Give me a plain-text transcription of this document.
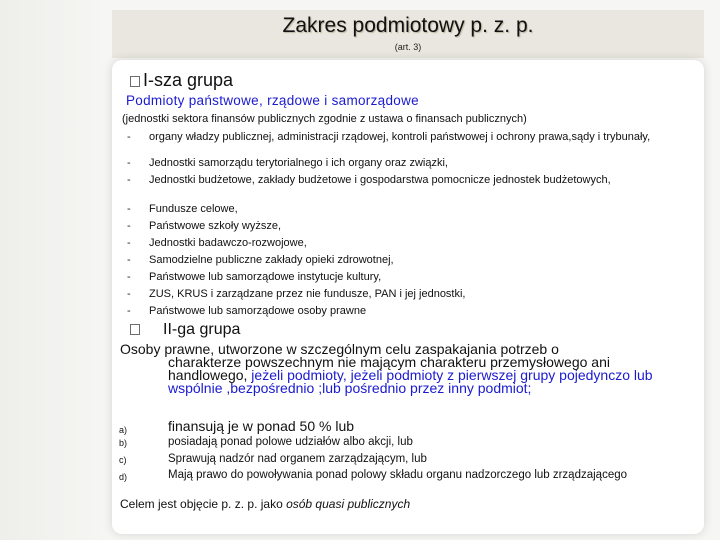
Zakres podmiotowy p. z. p.
(art. 3)
I-sza grupa
Podmioty państwowe, rządowe i samorządowe
(jednostki sektora finansów publicznych zgodnie z ustawa o finansach publicznych)
- organy władzy publicznej, administracji rządowej, kontroli państwowej i ochrony prawa,sądy i trybunały,
- Jednostki samorządu terytorialnego i ich organy oraz związki,
- Jednostki budżetowe, zakłady budżetowe i gospodarstwa pomocnicze jednostek budżetowych,
- Fundusze celowe,
- Państwowe szkoły wyższe,
- Jednostki badawczo-rozwojowe,
- Samodzielne publiczne zakłady opieki zdrowotnej,
- Państwowe lub samorządowe instytucje kultury,
- ZUS, KRUS i zarządzane przez nie fundusze, PAN i jej jednostki,
- Państwowe lub samorządowe osoby prawne
II-ga grupa
Osoby prawne, utworzone w szczególnym celu zaspakajania potrzeb o
charakterze powszechnym nie mającym charakteru przemysłowego ani handlowego, jeżeli podmioty, jeżeli podmioty z pierwszej grupy pojedynczo lub wspólnie ,bezpośrednio ;lub pośrednio przez inny podmiot;
a)	finansują je w ponad 50 % lub
b)	posiadają ponad polowe udziałów albo akcji, lub
c)	Sprawują nadzór nad organem zarządzającym, lub
d)	Mają prawo do powoływania ponad polowy składu organu nadzorczego lub zrządzającego
Celem jest objęcie p. z. p. jako osób quasi publicznych
